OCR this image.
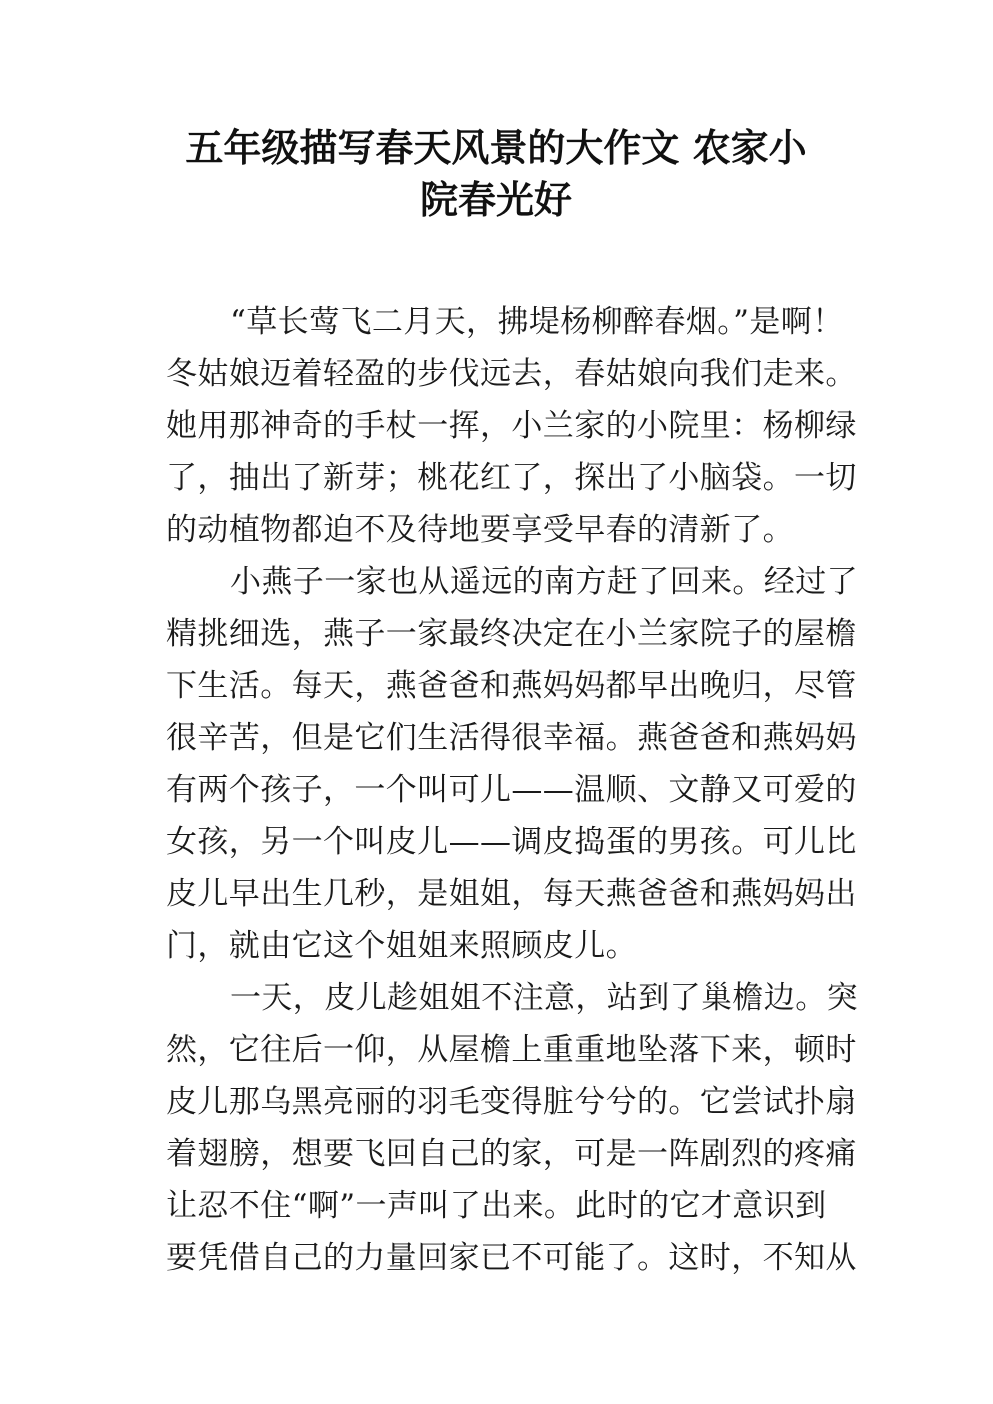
五年级描写春天风景的大作文 农家小
院春光好
“草长莺飞二月天，拂堤杨柳醉春烟。”是啊！
冬姑娘迈着轻盈的步伐远去，春姑娘向我们走来。
她用那神奇的手杖一挥，小兰家的小院里：杨柳绿
了，抽出了新芽；桃花红了，探出了小脑袋。一切
的动植物都迫不及待地要享受早春的清新了。
小燕子一家也从遥远的南方赶了回来。经过了
精挑细选，燕子一家最终决定在小兰家院子的屋檐
下生活。每天，燕爸爸和燕妈妈都早出晚归，尽管
很辛苦，但是它们生活得很幸福。燕爸爸和燕妈妈
有两个孩子，一个叫可儿——温顺、文静又可爱的
女孩，另一个叫皮儿——调皮捣蛋的男孩。可儿比
皮儿早出生几秒，是姐姐，每天燕爸爸和燕妈妈出
门，就由它这个姐姐来照顾皮儿。
一天，皮儿趁姐姐不注意，站到了巢檐边。突
然，它往后一仰，从屋檐上重重地坠落下来，顿时
皮儿那乌黑亮丽的羽毛变得脏兮兮的。它尝试扑扇
着翅膀，想要飞回自己的家，可是一阵剧烈的疼痛
让忍不住“啊”一声叫了出来。此时的它才意识到
要凭借自己的力量回家已不可能了。这时，不知从
